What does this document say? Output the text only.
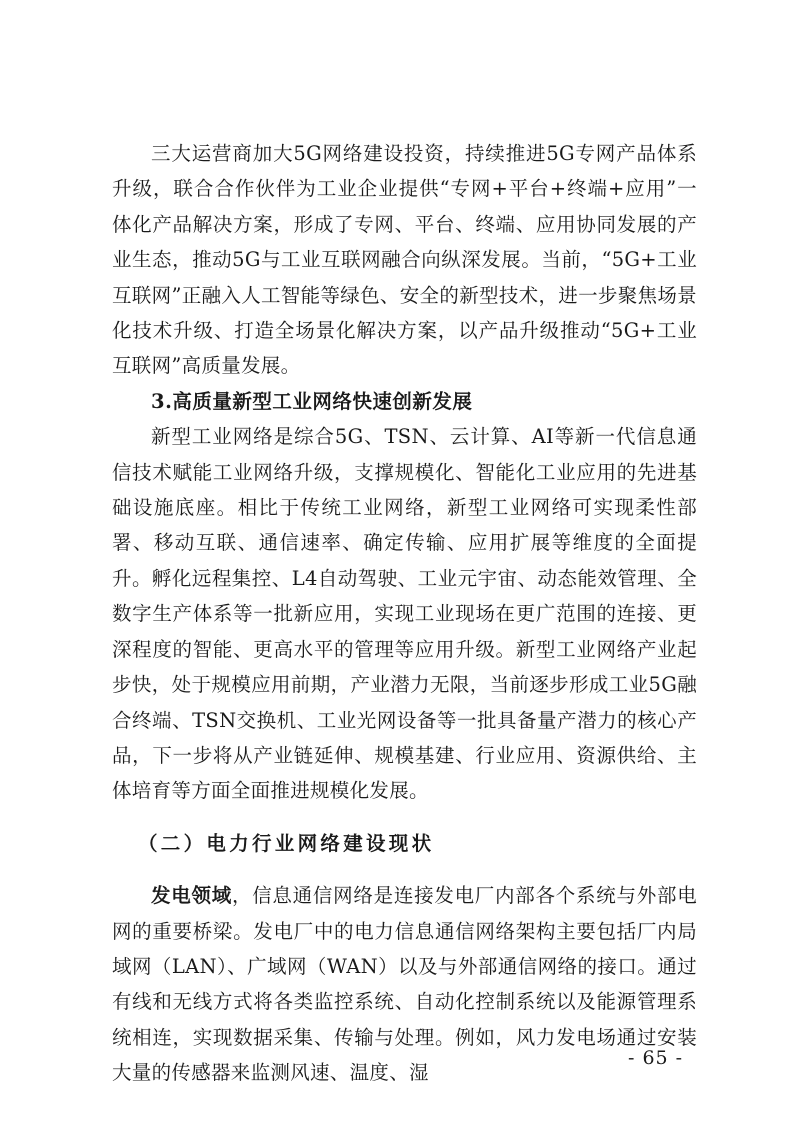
三大运营商加大5G网络建设投资，持续推进5G专网产品体系升级，联合合作伙伴为工业企业提供“专网+平台+终端+应用”一体化产品解决方案，形成了专网、平台、终端、应用协同发展的产业生态，推动5G与工业互联网融合向纵深发展。当前，“5G+工业互联网”正融入人工智能等绿色、安全的新型技术，进一步聚焦场景化技术升级、打造全场景化解决方案，以产品升级推动“5G+工业互联网”高质量发展。

3.高质量新型工业网络快速创新发展

新型工业网络是综合5G、TSN、云计算、AI等新一代信息通信技术赋能工业网络升级，支撑规模化、智能化工业应用的先进基础设施底座。相比于传统工业网络，新型工业网络可实现柔性部署、移动互联、通信速率、确定传输、应用扩展等维度的全面提升。孵化远程集控、L4自动驾驶、工业元宇宙、动态能效管理、全数字生产体系等一批新应用，实现工业现场在更广范围的连接、更深程度的智能、更高水平的管理等应用升级。新型工业网络产业起步快，处于规模应用前期，产业潜力无限，当前逐步形成工业5G融合终端、TSN交换机、工业光网设备等一批具备量产潜力的核心产品，下一步将从产业链延伸、规模基建、行业应用、资源供给、主体培育等方面全面推进规模化发展。

（二）电力行业网络建设现状

发电领域，信息通信网络是连接发电厂内部各个系统与外部电网的重要桥梁。发电厂中的电力信息通信网络架构主要包括厂内局域网（LAN）、广域网（WAN）以及与外部通信网络的接口。通过有线和无线方式将各类监控系统、自动化控制系统以及能源管理系统相连，实现数据采集、传输与处理。例如，风力发电场通过安装大量的传感器来监测风速、温度、湿

- 65 -
